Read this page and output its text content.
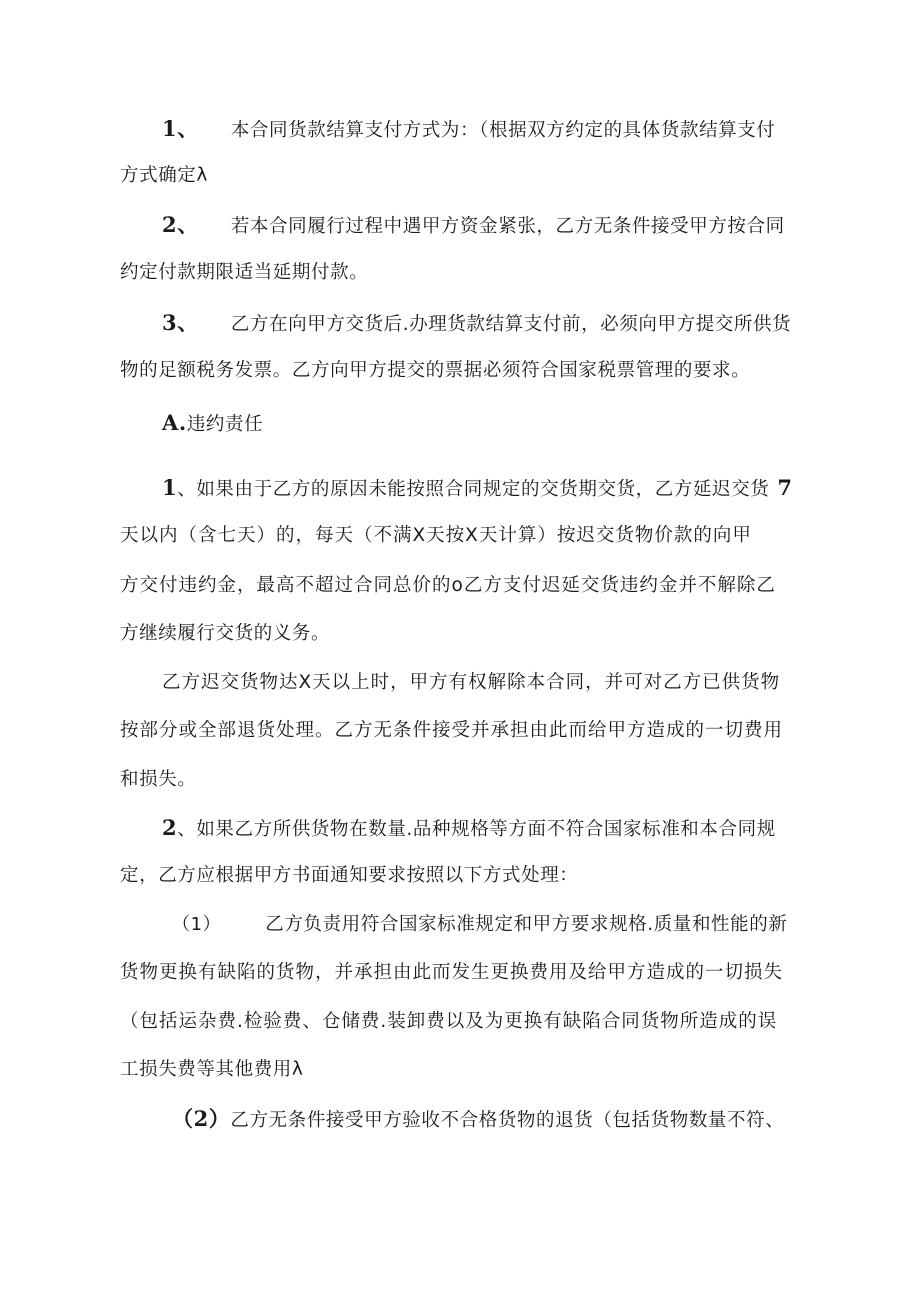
1、 本合同货款结算支付方式为：（根据双方约定的具体货款结算支付
方式确定λ
2、 若本合同履行过程中遇甲方资金紧张，乙方无条件接受甲方按合同
约定付款期限适当延期付款。
3、 乙方在向甲方交货后.办理货款结算支付前，必须向甲方提交所供货
物的足额税务发票。乙方向甲方提交的票据必须符合国家税票管理的要求。
A.违约责任
1、如果由于乙方的原因未能按照合同规定的交货期交货，乙方延迟交货 7
天以内（含七天）的，每天（不满X天按X天计算）按迟交货物价款的向甲
方交付违约金，最高不超过合同总价的o乙方支付迟延交货违约金并不解除乙
方继续履行交货的义务。
乙方迟交货物达X天以上时，甲方有权解除本合同，并可对乙方已供货物
按部分或全部退货处理。乙方无条件接受并承担由此而给甲方造成的一切费用
和损失。
2、如果乙方所供货物在数量.品种规格等方面不符合国家标准和本合同规
定，乙方应根据甲方书面通知要求按照以下方式处理：
（1） 乙方负责用符合国家标准规定和甲方要求规格.质量和性能的新
货物更换有缺陷的货物，并承担由此而发生更换费用及给甲方造成的一切损失
（包括运杂费.检验费、仓储费.装卸费以及为更换有缺陷合同货物所造成的误
工损失费等其他费用λ
（2）乙方无条件接受甲方验收不合格货物的退货（包括货物数量不符、
